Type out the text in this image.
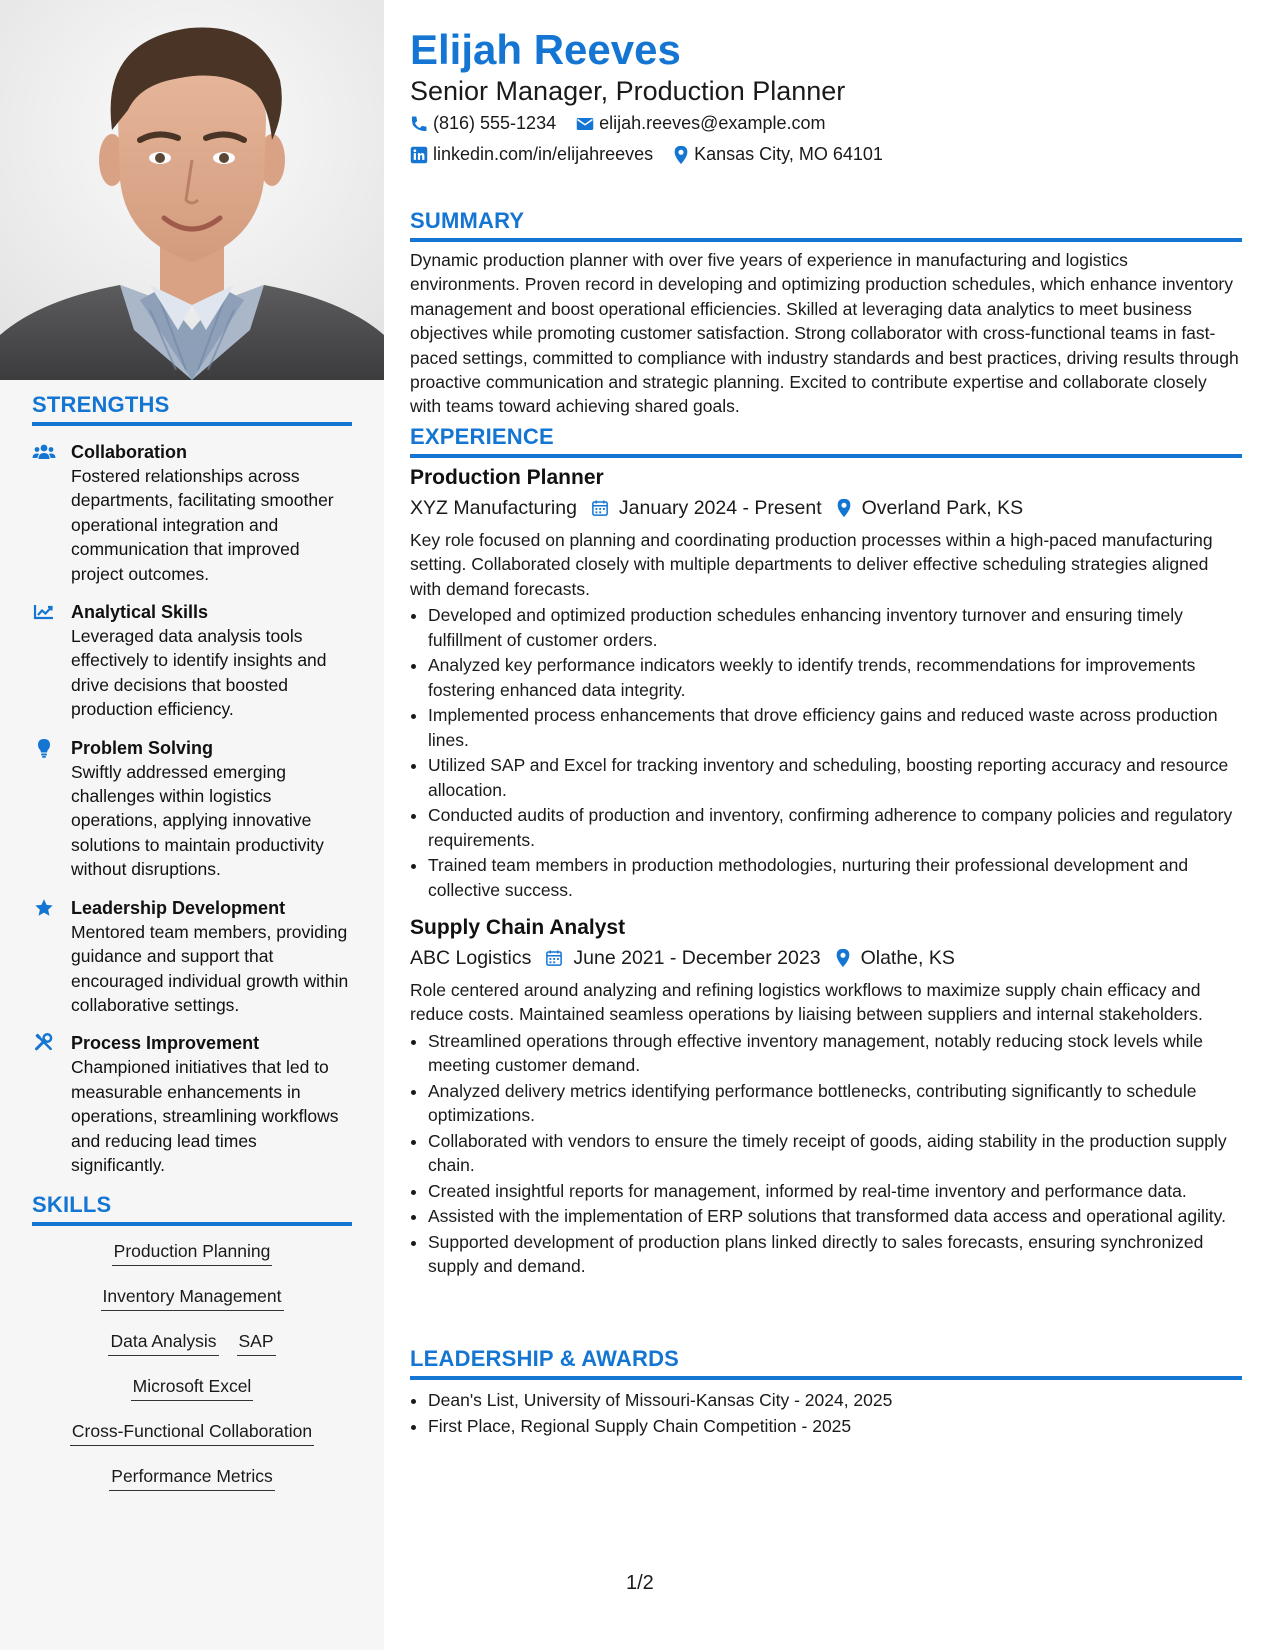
STRENGTHS
Collaboration
Fostered relationships across departments, facilitating smoother operational integration and communication that improved project outcomes.
Analytical Skills
Leveraged data analysis tools effectively to identify insights and drive decisions that boosted production efficiency.
Problem Solving
Swiftly addressed emerging challenges within logistics operations, applying innovative solutions to maintain productivity without disruptions.
Leadership Development
Mentored team members, providing guidance and support that encouraged individual growth within collaborative settings.
Process Improvement
Championed initiatives that led to measurable enhancements in operations, streamlining workflows and reducing lead times significantly.
SKILLS
Production Planning
Inventory Management
Data Analysis SAP
Microsoft Excel
Cross-Functional Collaboration
Performance Metrics
Elijah Reeves
Senior Manager, Production Planner
(816) 555-1234 elijah.reeves@example.com
linkedin.com/in/elijahreeves Kansas City, MO 64101
SUMMARY

Dynamic production planner with over five years of experience in manufacturing and logistics environments. Proven record in developing and optimizing production schedules, which enhance inventory management and boost operational efficiencies. Skilled at leveraging data analytics to meet business objectives while promoting customer satisfaction. Strong collaborator with cross-functional teams in fast-paced settings, committed to compliance with industry standards and best practices, driving results through proactive communication and strategic planning. Excited to contribute expertise and collaborate closely with teams toward achieving shared goals.

EXPERIENCE
Production Planner
XYZ Manufacturing January 2024 - Present Overland Park, KS

Key role focused on planning and coordinating production processes within a high-paced manufacturing setting. Collaborated closely with multiple departments to deliver effective scheduling strategies aligned with demand forecasts.

• Developed and optimized production schedules enhancing inventory turnover and ensuring timely fulfillment of customer orders.
• Analyzed key performance indicators weekly to identify trends, recommendations for improvements fostering enhanced data integrity.
• Implemented process enhancements that drove efficiency gains and reduced waste across production lines.
• Utilized SAP and Excel for tracking inventory and scheduling, boosting reporting accuracy and resource allocation.
• Conducted audits of production and inventory, confirming adherence to company policies and regulatory requirements.
• Trained team members in production methodologies, nurturing their professional development and collective success.
Supply Chain Analyst
ABC Logistics June 2021 - December 2023 Olathe, KS

Role centered around analyzing and refining logistics workflows to maximize supply chain efficacy and reduce costs. Maintained seamless operations by liaising between suppliers and internal stakeholders.

• Streamlined operations through effective inventory management, notably reducing stock levels while meeting customer demand.
• Analyzed delivery metrics identifying performance bottlenecks, contributing significantly to schedule optimizations.
• Collaborated with vendors to ensure the timely receipt of goods, aiding stability in the production supply chain.
• Created insightful reports for management, informed by real-time inventory and performance data.
• Assisted with the implementation of ERP solutions that transformed data access and operational agility.
• Supported development of production plans linked directly to sales forecasts, ensuring synchronized supply and demand.
LEADERSHIP & AWARDS
• Dean's List, University of Missouri-Kansas City - 2024, 2025
• First Place, Regional Supply Chain Competition - 2025
1/2
